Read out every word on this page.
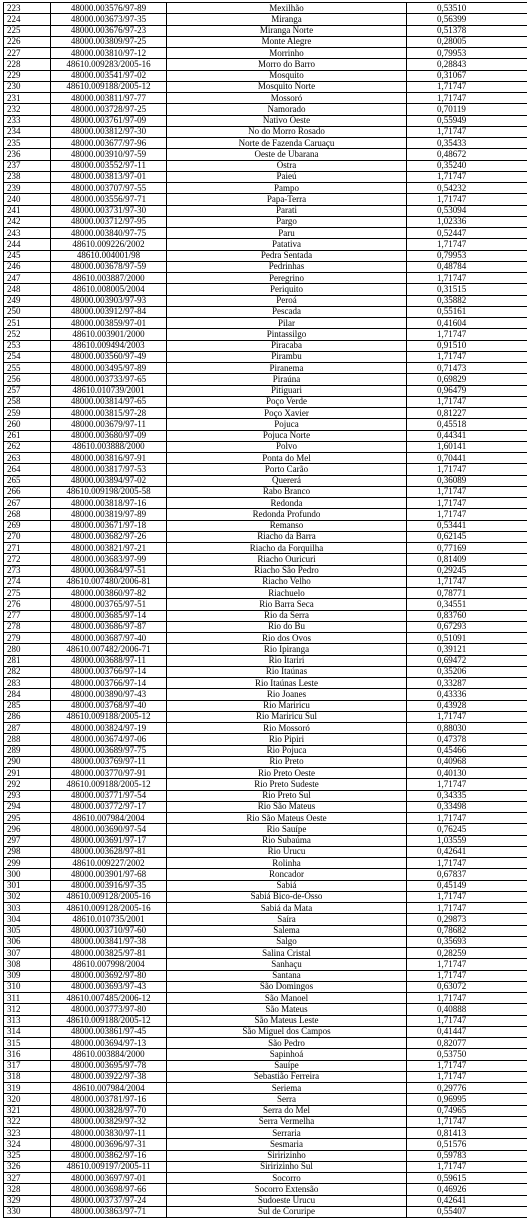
223	48000.003576/97-89	Mexilhão	0,53510
224	48000.003673/97-35	Miranga	0,56399
225	48000.003676/97-23	Miranga Norte	0,51378
226	48000.003809/97-25	Monte Alegre	0,28005
227	48000.003810/97-12	Morrinho	0,79953
228	48610.009283/2005-16	Morro do Barro	0,28843
229	48000.003541/97-02	Mosquito	0,31067
230	48610.009188/2005-12	Mosquito Norte	1,71747
231	48000.003811/97-77	Mossoró	1,71747
232	48000.003728/97-25	Namorado	0,70119
233	48000.003761/97-09	Nativo Oeste	0,55949
234	48000.003812/97-30	No do Morro Rosado	1,71747
235	48000.003677/97-96	Norte de Fazenda Caruaçu	0,35433
236	48000.003910/97-59	Oeste de Ubarana	0,48672
237	48000.003552/97-11	Ostra	0,35240
238	48000.003813/97-01	Paieú	1,71747
239	48000.003707/97-55	Pampo	0,54232
240	48000.003556/97-71	Papa-Terra	1,71747
241	48000.003731/97-30	Parati	0,53094
242	48000.003712/97-95	Pargo	1,02336
243	48000.003840/97-75	Paru	0,52447
244	48610.009226/2002	Patativa	1,71747
245	48610.004001/98	Pedra Sentada	0,79953
246	48000.003678/97-59	Pedrinhas	0,48784
247	48610.003887/2000	Peregrino	1,71747
248	48610.008005/2004	Periquito	0,31515
249	48000.003903/97-93	Peroá	0,35882
250	48000.003912/97-84	Pescada	0,55161
251	48000.003859/97-01	Pilar	0,41604
252	48610.003901/2000	Pintassilgo	1,71747
253	48610.009494/2003	Piracaba	0,91510
254	48000.003560/97-49	Pirambu	1,71747
255	48000.003495/97-89	Piranema	0,71473
256	48000.003733/97-65	Piraúna	0,69829
257	48610.010739/2001	Pitiguari	0,96479
258	48000.003814/97-65	Poço Verde	1,71747
259	48000.003815/97-28	Poço Xavier	0,81227
260	48000.003679/97-11	Pojuca	0,45518
261	48000.003680/97-09	Pojuca Norte	0,44341
262	48610.003888/2000	Polvo	1,60141
263	48000.003816/97-91	Ponta do Mel	0,70441
264	48000.003817/97-53	Porto Carão	1,71747
265	48000.003894/97-02	Quererá	0,36089
266	48610.009198/2005-58	Rabo Branco	1,71747
267	48000.003818/97-16	Redonda	1,71747
268	48000.003819/97-89	Redonda Profundo	1,71747
269	48000.003671/97-18	Remanso	0,53441
270	48000.003682/97-26	Riacho da Barra	0,62145
271	48000.003821/97-21	Riacho da Forquilha	0,77169
272	48000.003683/97-99	Riacho Ouricuri	0,81409
273	48000.003684/97-51	Riacho São Pedro	0,29245
274	48610.007480/2006-81	Riacho Velho	1,71747
275	48000.003860/97-82	Riachuelo	0,78771
276	48000.003765/97-51	Rio Barra Seca	0,34551
277	48000.003685/97-14	Rio da Serra	0,83760
278	48000.003686/97-87	Rio do Bu	0,67293
279	48000.003687/97-40	Rio dos Ovos	0,51091
280	48610.007482/2006-71	Rio Ipiranga	0,39121
281	48000.003688/97-11	Rio Itariri	0,69472
282	48000.003766/97-14	Rio Itaúnas	0,35206
283	48000.003766/97-14	Rio Itaúnas Leste	0,33287
284	48000.003890/97-43	Rio Joanes	0,43336
285	48000.003768/97-40	Rio Mariricu	0,43928
286	48610.009188/2005-12	Rio Mariricu Sul	1,71747
287	48000.003824/97-19	Rio Mossoró	0,88030
288	48000.003674/97-06	Rio Pipiri	0,47378
289	48000.003689/97-75	Rio Pojuca	0,45466
290	48000.003769/97-11	Rio Preto	0,40968
291	48000.003770/97-91	Rio Preto Oeste	0,40130
292	48610.009188/2005-12	Rio Preto Sudeste	1,71747
293	48000.003771/97-54	Rio Preto Sul	0,34335
294	48000.003772/97-17	Rio São Mateus	0,33498
295	48610.007984/2004	Rio São Mateus Oeste	1,71747
296	48000.003690/97-54	Rio Sauípe	0,76245
297	48000.003691/97-17	Rio Subaúma	1,03559
298	48000.003628/97-81	Rio Urucu	0,42641
299	48610.009227/2002	Rolinha	1,71747
300	48000.003901/97-68	Roncador	0,67837
301	48000.003916/97-35	Sabiá	0,45149
302	48610.009128/2005-16	Sabiá Bico-de-Osso	1,71747
303	48610.009128/2005-16	Sabiá da Mata	1,71747
304	48610.010735/2001	Saíra	0,29873
305	48000.003710/97-60	Salema	0,78682
306	48000.003841/97-38	Salgo	0,35693
307	48000.003825/97-81	Salina Cristal	0,28259
308	48610.007998/2004	Sanhaçu	1,71747
309	48000.003692/97-80	Santana	1,71747
310	48000.003693/97-43	São Domingos	0,63072
311	48610.007485/2006-12	São Manoel	1,71747
312	48000.003773/97-80	São Mateus	0,40888
313	48610.009188/2005-12	São Mateus Leste	1,71747
314	48000.003861/97-45	São Miguel dos Campos	0,41447
315	48000.003694/97-13	São Pedro	0,82077
316	48610.003884/2000	Sapinhoá	0,53750
317	48000.003695/97-78	Sauípe	1,71747
318	48000.003922/97-38	Sebastião Ferreira	1,71747
319	48610.007984/2004	Seriema	0,29776
320	48000.003781/97-16	Serra	0,96995
321	48000.003828/97-70	Serra do Mel	0,74965
322	48000.003829/97-32	Serra Vermelha	1,71747
323	48000.003830/97-11	Serraria	0,81413
324	48000.003696/97-31	Sesmaria	0,51576
325	48000.003862/97-16	Siririzinho	0,59783
326	48610.009197/2005-11	Siririzinho Sul	1,71747
327	48000.003697/97-01	Socorro	0,59615
328	48000.003698/97-66	Socorro Extensão	0,46926
329	48000.003737/97-24	Sudoeste Urucu	0,42641
330	48000.003863/97-71	Sul de Coruripe	0,55407
